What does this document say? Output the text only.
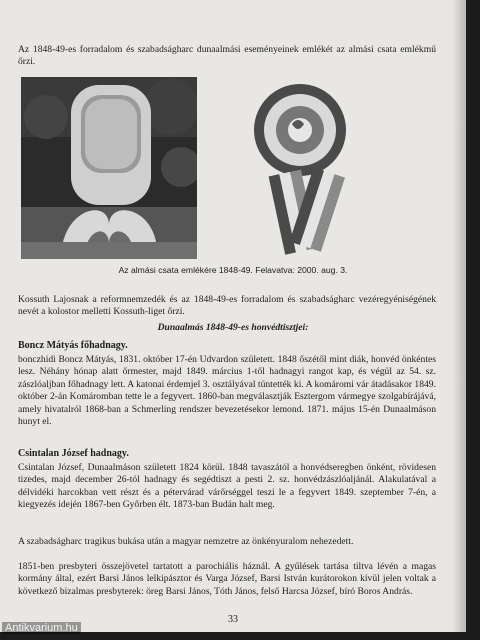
Az 1848-49-es forradalom és szabadságharc dunaalmási eseményeinek emlékét az almási csata emlékmű őrzi.

Az almási csata emlékére 1848-49. Felavatva: 2000. aug. 3.

Kossuth Lajosnak a reformnemzedék és az 1848-49-es forradalom és szabadságharc vezéregyéniségének nevét a kolostor melletti Kossuth-liget őrzi.

Dunaalmás 1848-49-es honvédtisztjei:
Boncz Mátyás főhadnagy.

bonczhidi Boncz Mátyás, 1831. október 17-én Udvardon született. 1848 őszétől mint diák, honvéd önkéntes lesz. Néhány hónap alatt őrmester, majd 1849. március 1-től hadnagyi rangot kap, és végül az 54. sz. zászlóaljban főhadnagy lett. A katonai érdemjel 3. osztályával tüntették ki. A komáromi vár átadásakor 1849. október 2-án Komáromban tette le a fegyvert. 1860-ban megválasztják Esztergom vármegye szolgabírájává, amely hivatalról 1868-ban a Schmerling rendszer bevezetésekor lemond. 1871. május 15-én Dunaalmáson hunyt el.

Csintalan József hadnagy.

Csintalan József, Dunaalmáson született 1824 körül. 1848 tavaszától a honvédseregben önként, rövidesen tizedes, majd december 26-tól hadnagy és segédtiszt a pesti 2. sz. honvédzászlóaljánál. Alakulatával a délvidéki harcokban vett részt és a pétervárad várőrséggel teszi le a fegyvert 1849. szeptember 7-én, a kiegyezés idején 1867-ben Győrben élt. 1873-ban Budán halt meg.

A szabadságharc tragikus bukása után a magyar nemzetre az önkényuralom nehezedett.

1851-ben presbyteri összejövetel tartatott a parochiális háznál. A gyűlések tartása tiltva lévén a magas kormány által, ezért Barsi János lelkipásztor és Varga József, Barsi István kurátorokon kívül jelen voltak a következő bizalmas presbyterek: öreg Barsi János, Tóth János, felső Harcsa József, bíró Boros András.

33
Antikvarium.hu
